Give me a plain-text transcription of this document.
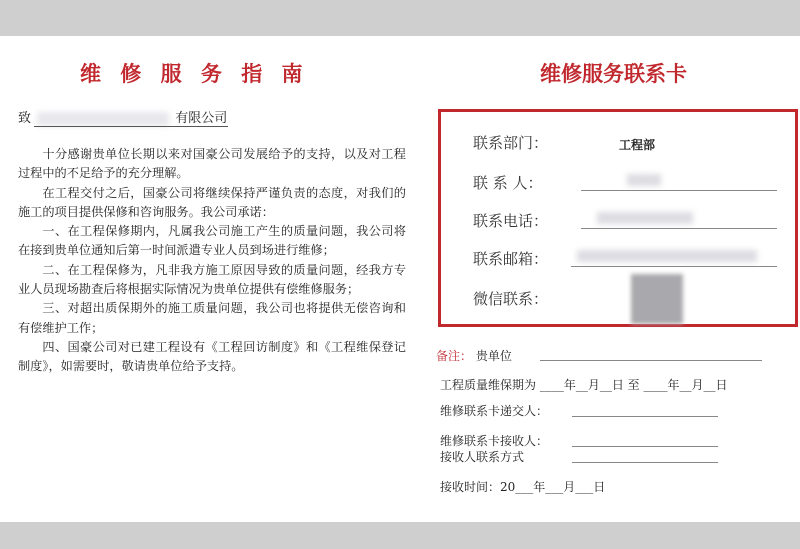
维 修 服 务 指 南
致	有限公司

十分感谢贵单位长期以来对国豪公司发展给予的支持，以及对工程过程中的不足给予的充分理解。

在工程交付之后，国豪公司将继续保持严谨负责的态度，对我们的施工的项目提供保修和咨询服务。我公司承诺：

一、在工程保修期内，凡属我公司施工产生的质量问题，我公司将在接到贵单位通知后第一时间派遣专业人员到场进行维修；

二、在工程保修为，凡非我方施工原因导致的质量问题，经我方专业人员现场勘查后将根据实际情况为贵单位提供有偿维修服务；

三、对超出质保期外的施工质量问题，我公司也将提供无偿咨询和有偿维护工作；

四、国豪公司对已建工程设有《工程回访制度》和《工程维保登记制度》，如需要时，敬请贵单位给予支持。

维修服务联系卡
联系部门：	工程部
联 系 人：
联系电话：
联系邮箱：
微信联系：
备注： 贵单位
工程质量维保期为 ____年__月__日 至 ____年__月__日
维修联系卡递交人：
维修联系卡接收人：
接收人联系方式
接收时间：20___年___月___日
